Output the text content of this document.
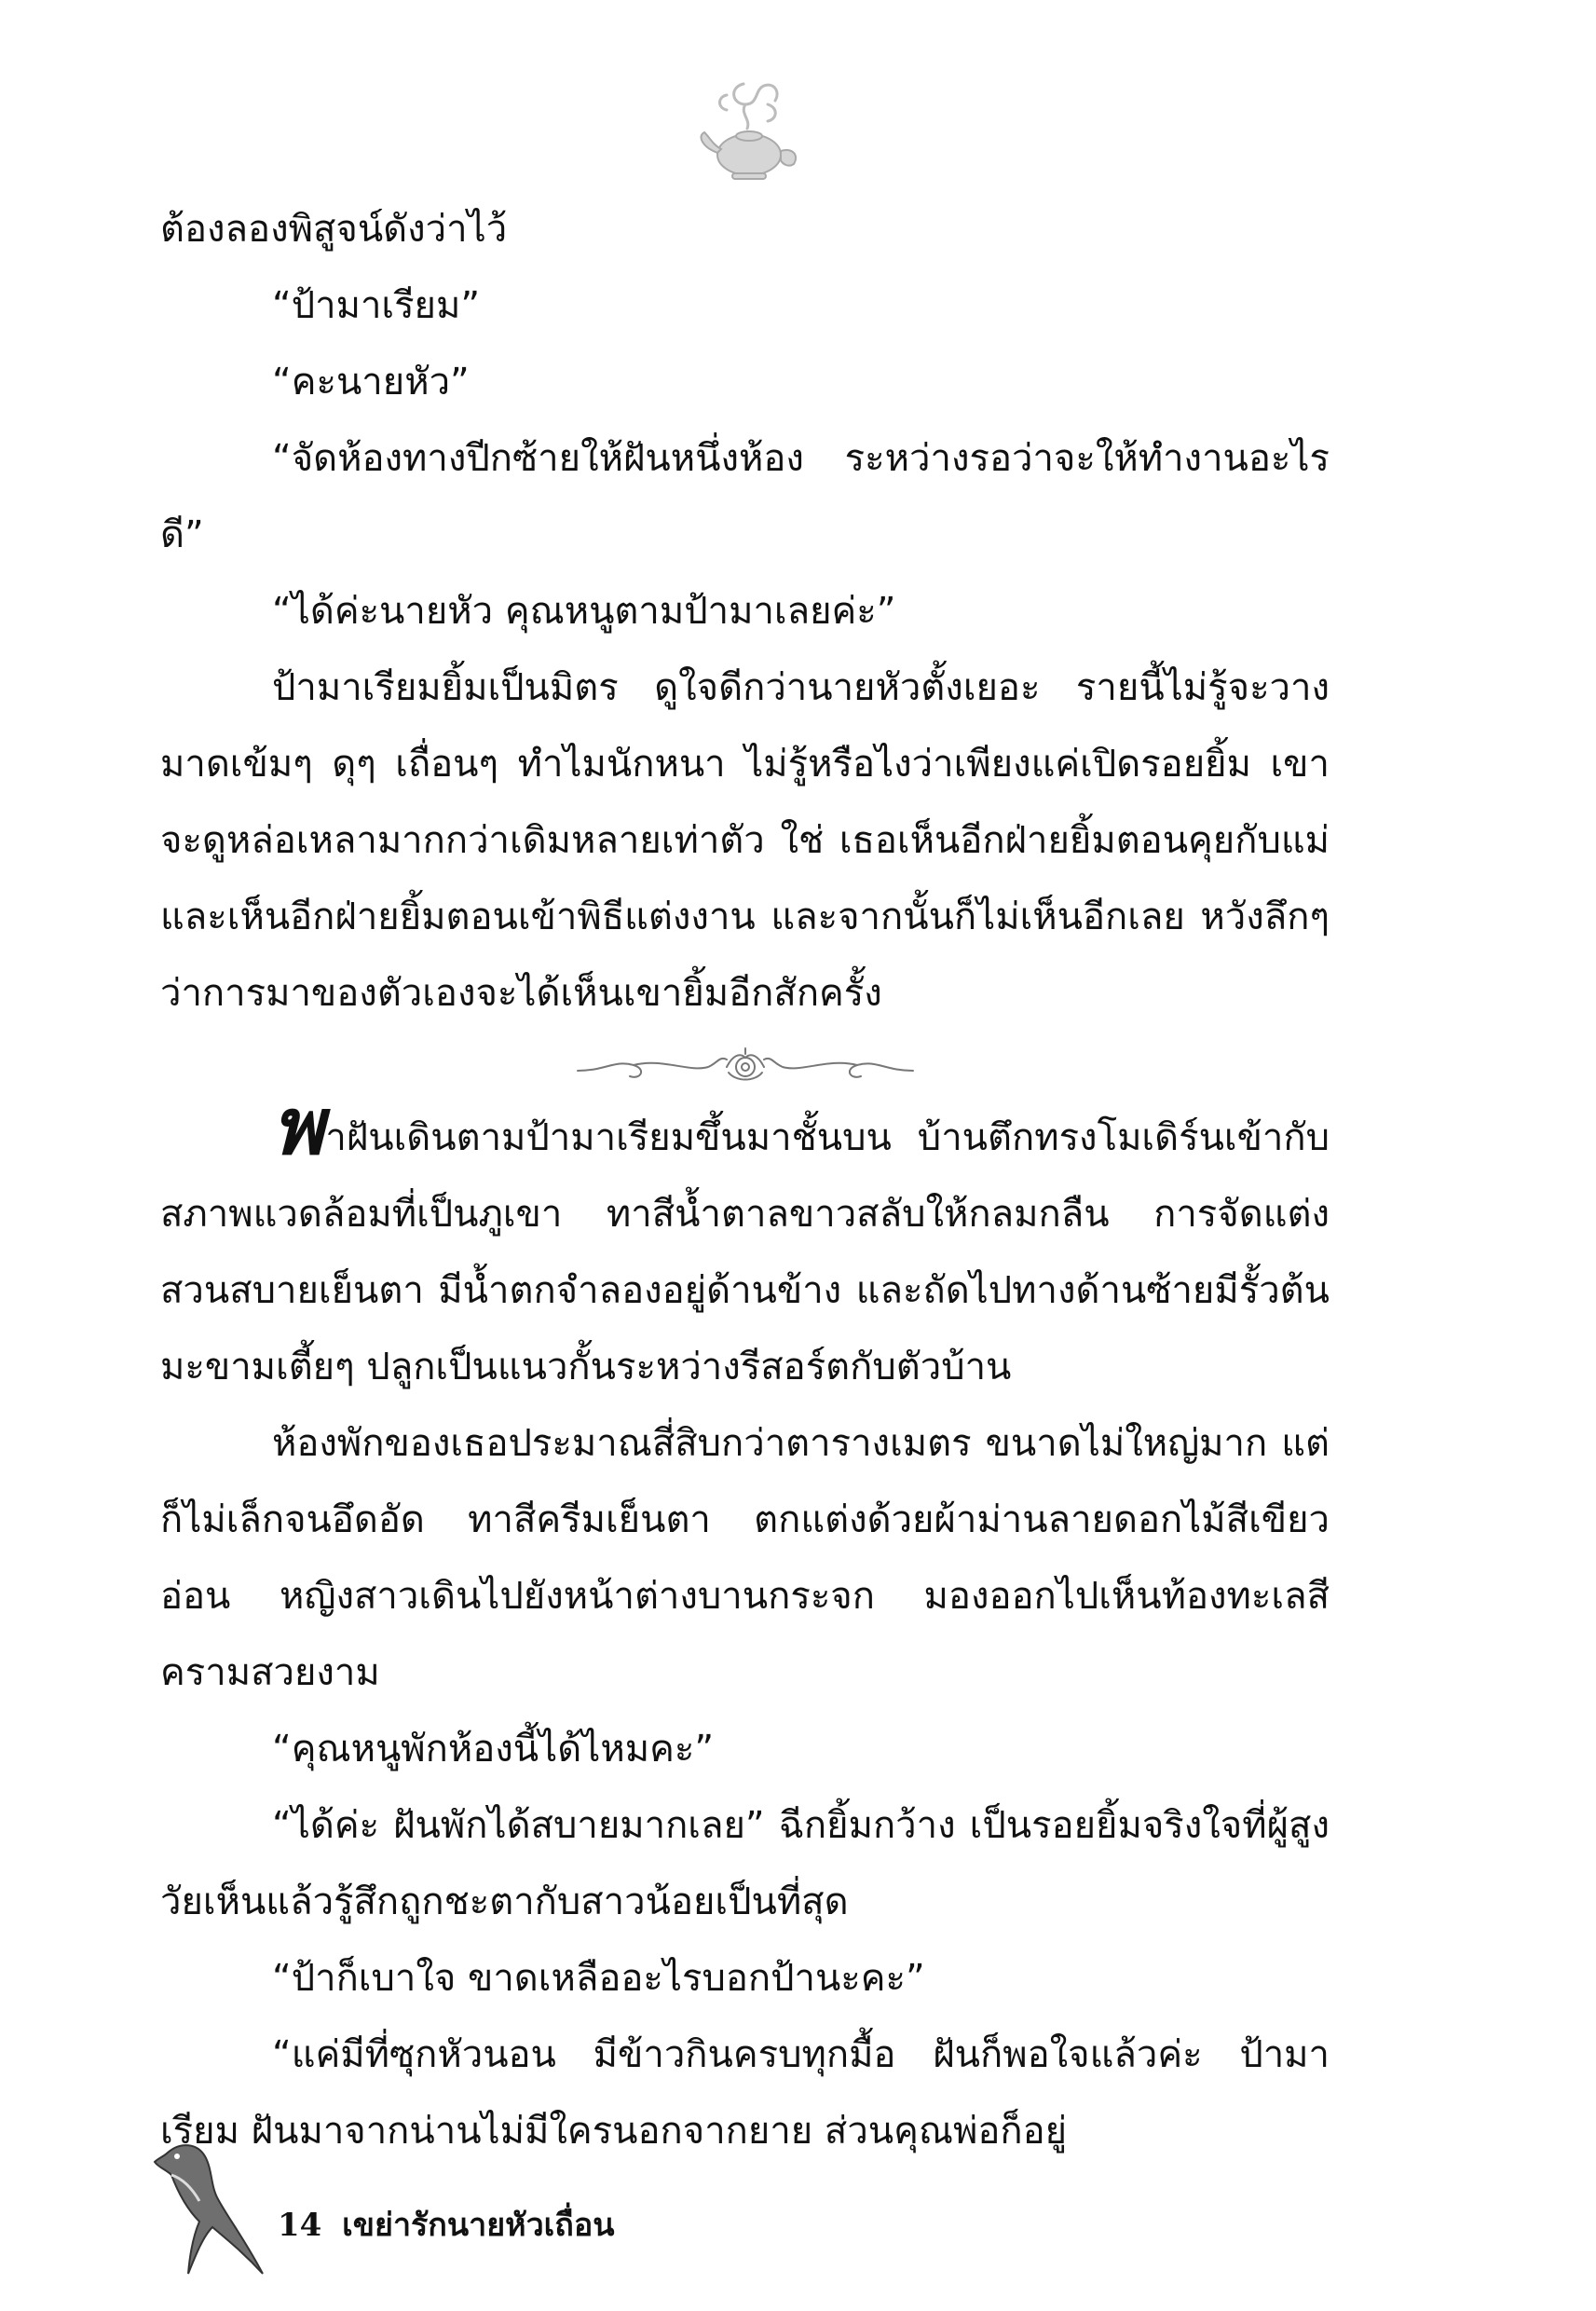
ต้องลองพิสูจน์ดังว่าไว้

“ป้ามาเรียม”

“คะนายหัว”

“จัดห้องทางปีกซ้ายให้ฝันหนึ่งห้อง ระหว่างรอว่าจะให้ทำงานอะไรดี”

“ได้ค่ะนายหัว คุณหนูตามป้ามาเลยค่ะ”

ป้ามาเรียมยิ้มเป็นมิตร ดูใจดีกว่านายหัวตั้งเยอะ รายนี้ไม่รู้จะวางมาดเข้มๆ ดุๆ เถื่อนๆ ทำไมนักหนา ไม่รู้หรือไงว่าเพียงแค่เปิดรอยยิ้ม เขาจะดูหล่อเหลามากกว่าเดิมหลายเท่าตัว ใช่ เธอเห็นอีกฝ่ายยิ้มตอนคุยกับแม่ และเห็นอีกฝ่ายยิ้มตอนเข้าพิธีแต่งงาน และจากนั้นก็ไม่เห็นอีกเลย หวังลึกๆ ว่าการมาของตัวเองจะได้เห็นเขายิ้มอีกสักครั้ง

พาฝันเดินตามป้ามาเรียมขึ้นมาชั้นบน บ้านตึกทรงโมเดิร์นเข้ากับสภาพแวดล้อมที่เป็นภูเขา ทาสีน้ำตาลขาวสลับให้กลมกลืน การจัดแต่งสวนสบายเย็นตา มีน้ำตกจำลองอยู่ด้านข้าง และถัดไปทางด้านซ้ายมีรั้วต้นมะขามเตี้ยๆ ปลูกเป็นแนวกั้นระหว่างรีสอร์ตกับตัวบ้าน

ห้องพักของเธอประมาณสี่สิบกว่าตารางเมตร ขนาดไม่ใหญ่มาก แต่ก็ไม่เล็กจนอึดอัด ทาสีครีมเย็นตา ตกแต่งด้วยผ้าม่านลายดอกไม้สีเขียวอ่อน หญิงสาวเดินไปยังหน้าต่างบานกระจก มองออกไปเห็นท้องทะเลสีครามสวยงาม

“คุณหนูพักห้องนี้ได้ไหมคะ”

“ได้ค่ะ ฝันพักได้สบายมากเลย” ฉีกยิ้มกว้าง เป็นรอยยิ้มจริงใจที่ผู้สูงวัยเห็นแล้วรู้สึกถูกชะตากับสาวน้อยเป็นที่สุด

“ป้าก็เบาใจ ขาดเหลืออะไรบอกป้านะคะ”

“แค่มีที่ซุกหัวนอน มีข้าวกินครบทุกมื้อ ฝันก็พอใจแล้วค่ะ ป้ามาเรียม ฝันมาจากน่านไม่มีใครนอกจากยาย ส่วนคุณพ่อก็อยู่

14 เขย่ารักนายหัวเถื่อน
